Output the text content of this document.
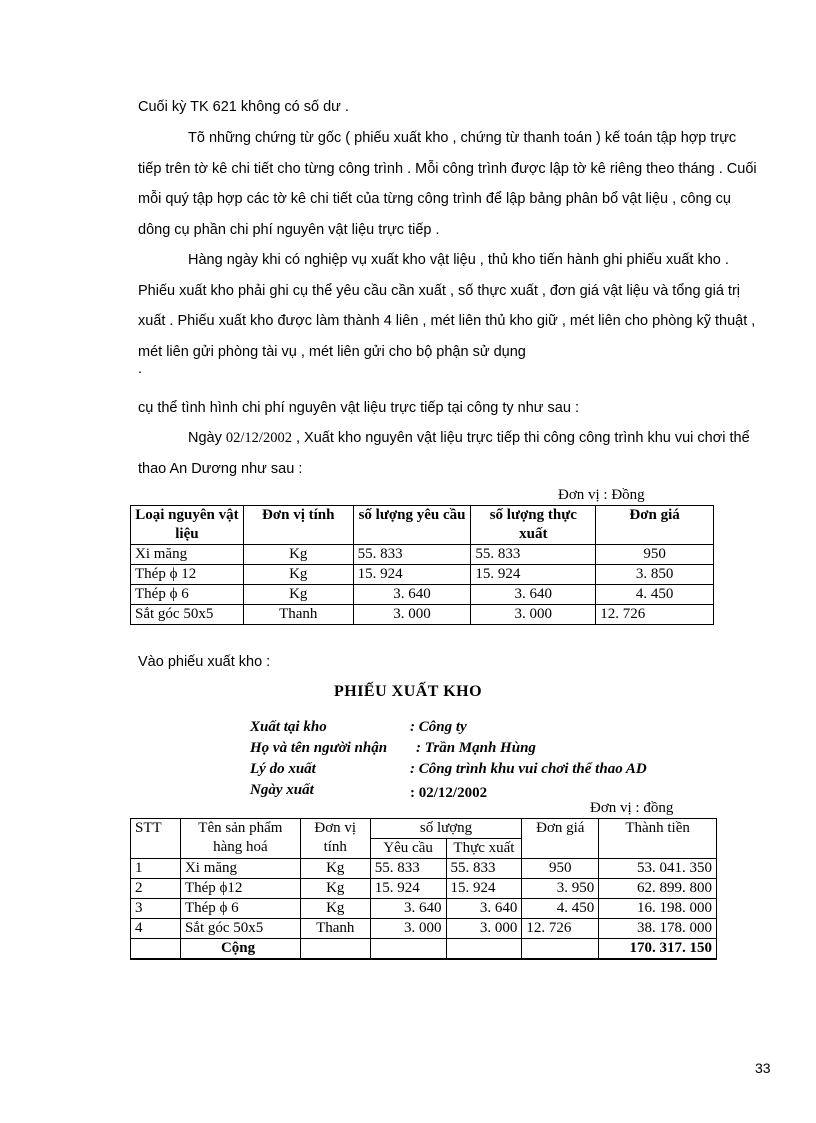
Cuối kỳ TK 621 không có số dư .

Tõ những chứng từ gốc ( phiếu xuất kho , chứng từ thanh toán ) kế toán tập hợp trực tiếp trên tờ kê chi tiết cho từng công trình . Mỗi công trình được lập tờ kê riêng theo tháng . Cuối mỗi quý tập hợp các tờ kê chi tiết của từng công trình để lập bảng phân bổ vật liệu , công cụ dông cụ phần chi phí nguyên vật liệu trực tiếp .

Hàng ngày khi có nghiệp vụ xuất kho vật liệu , thủ kho tiến hành ghi phiếu xuất kho . Phiếu xuất kho phải ghi cụ thể yêu cầu cần xuất , số thực xuất , đơn giá vật liệu và tổng giá trị xuất . Phiếu xuất kho được làm thành 4 liên , mét liên thủ kho giữ , mét liên cho phòng kỹ thuật , mét liên gửi phòng tài vụ , mét liên gửi cho bộ phận sử dụng

.

cụ thể tình hình chi phí nguyên vật liệu trực tiếp tại công ty như sau :

Ngày 02/12/2002 , Xuất kho nguyên vật liệu trực tiếp thi công công trình khu vui chơi thể thao An Dương như sau :

Đơn vị : Đồng
Loại nguyên vật liệu	Đơn vị tính	số lượng yêu cầu	số lượng thực xuất	Đơn giá
Xi măng	Kg	55. 833	55. 833	950
Thép ϕ 12	Kg	15. 924	15. 924	3. 850
Thép ϕ 6	Kg	3. 640	3. 640	4. 450
Sắt góc 50x5	Thanh	3. 000	3. 000	12. 726

Vào phiếu xuất kho :

PHIẾU XUẤT KHO
Xuất tại kho	: Công ty
Họ và tên người nhận : Trần Mạnh Hùng
Lý do xuất	: Công trình khu vui chơi thể thao AD
Ngày xuất	: 02/12/2002
Đơn vị : đồng
STT	Tên sản phẩm hàng hoá	Đơn vị tính	số lượng		Đơn giá	Thành tiền
			Yêu cầu	Thực xuất		
1	Xi măng	Kg	55. 833	55. 833	950	53. 041. 350
2	Thép ϕ12	Kg	15. 924	15. 924	3. 950	62. 899. 800
3	Thép ϕ 6	Kg	3. 640	3. 640	4. 450	16. 198. 000
4	Sắt góc 50x5	Thanh	3. 000	3. 000	12. 726	38. 178. 000
	Cộng					170. 317. 150
33
